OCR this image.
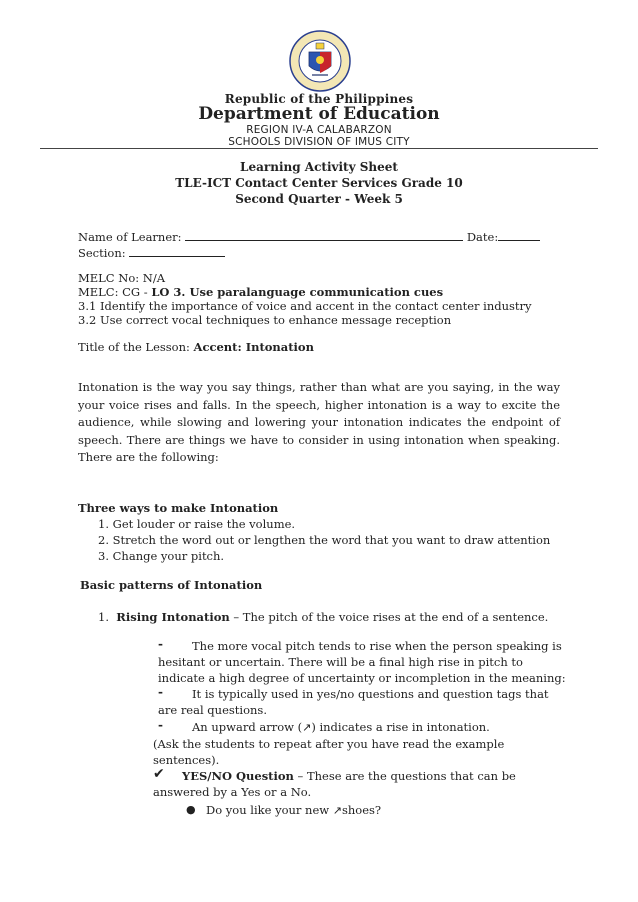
Republic of the Philippines
Department of Education
REGION IV-A CALABARZON
SCHOOLS DIVISION OF IMUS CITY
Learning Activity Sheet
TLE-ICT Contact Center Services Grade 10
Second Quarter - Week 5
Name of Learner:	Date:
Section:
MELC No: N/A
MELC: CG - LO 3. Use paralanguage communication cues
3.1 Identify the importance of voice and accent in the contact center industry
3.2 Use correct vocal techniques to enhance message reception
Title of the Lesson: Accent: Intonation
Intonation is the way you say things, rather than what are you saying, in the way your voice rises and falls. In the speech, higher intonation is a way to excite the audience, while slowing and lowering your intonation indicates the endpoint of speech. There are things we have to consider in using intonation when speaking. There are the following:
Three ways to make Intonation
1. Get louder or raise the volume.
2. Stretch the word out or lengthen the word that you want to draw attention
3. Change your pitch.
Basic patterns of Intonation
1. Rising Intonation – The pitch of the voice rises at the end of a sentence.
-	The more vocal pitch tends to rise when the person speaking is
hesitant or uncertain. There will be a final high rise in pitch to
indicate a high degree of uncertainty or incompletion in the meaning:
-	It is typically used in yes/no questions and question tags that
are real questions.
-	An upward arrow (↗) indicates a rise in intonation.
(Ask the students to repeat after you have read the example
sentences).
✔ YES/NO Question – These are the questions that can be
answered by a Yes or a No.
● Do you like your new ↗shoes?
